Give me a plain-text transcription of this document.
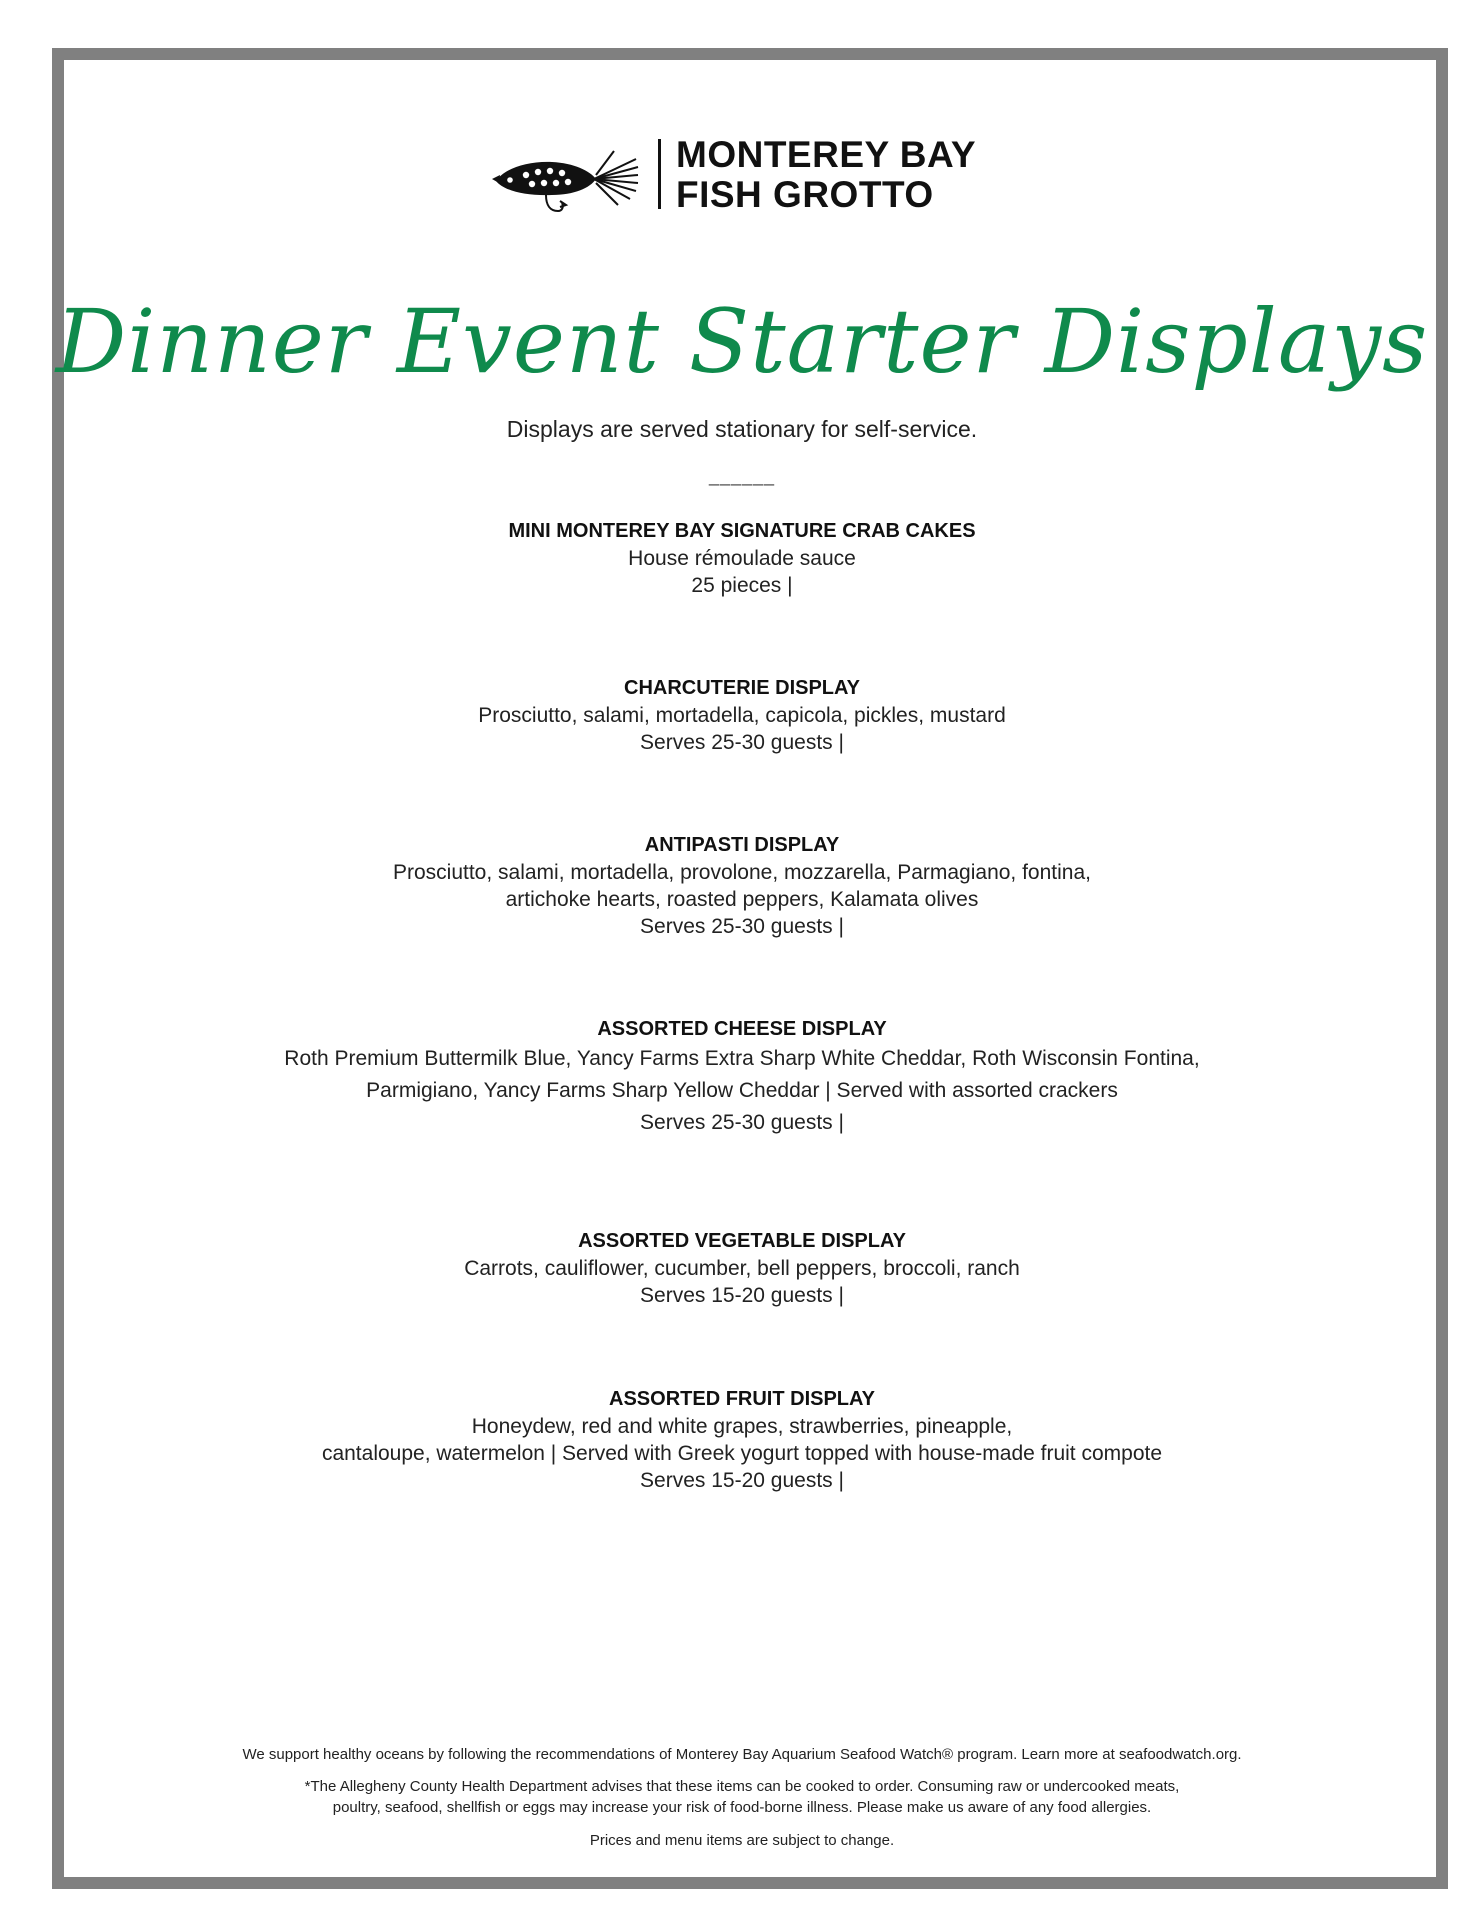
MONTEREY BAY
FISH GROTTO
Dinner Event Starter Displays
Displays are served stationary for self-service.
______
MINI MONTEREY BAY SIGNATURE CRAB CAKES
House rémoulade sauce
25 pieces |
CHARCUTERIE DISPLAY
Prosciutto, salami, mortadella, capicola, pickles, mustard
Serves 25-30 guests |
ANTIPASTI DISPLAY
Prosciutto, salami, mortadella, provolone, mozzarella, Parmagiano, fontina,
artichoke hearts, roasted peppers, Kalamata olives
Serves 25-30 guests |
ASSORTED CHEESE DISPLAY
Roth Premium Buttermilk Blue, Yancy Farms Extra Sharp White Cheddar, Roth Wisconsin Fontina,
Parmigiano, Yancy Farms Sharp Yellow Cheddar | Served with assorted crackers
Serves 25-30 guests |
ASSORTED VEGETABLE DISPLAY
Carrots, cauliflower, cucumber, bell peppers, broccoli, ranch
Serves 15-20 guests |
ASSORTED FRUIT DISPLAY
Honeydew, red and white grapes, strawberries, pineapple,
cantaloupe, watermelon | Served with Greek yogurt topped with house-made fruit compote
Serves 15-20 guests |
We support healthy oceans by following the recommendations of Monterey Bay Aquarium Seafood Watch® program. Learn more at seafoodwatch.org.
*The Allegheny County Health Department advises that these items can be cooked to order. Consuming raw or undercooked meats,
poultry, seafood, shellfish or eggs may increase your risk of food-borne illness. Please make us aware of any food allergies.
Prices and menu items are subject to change.
